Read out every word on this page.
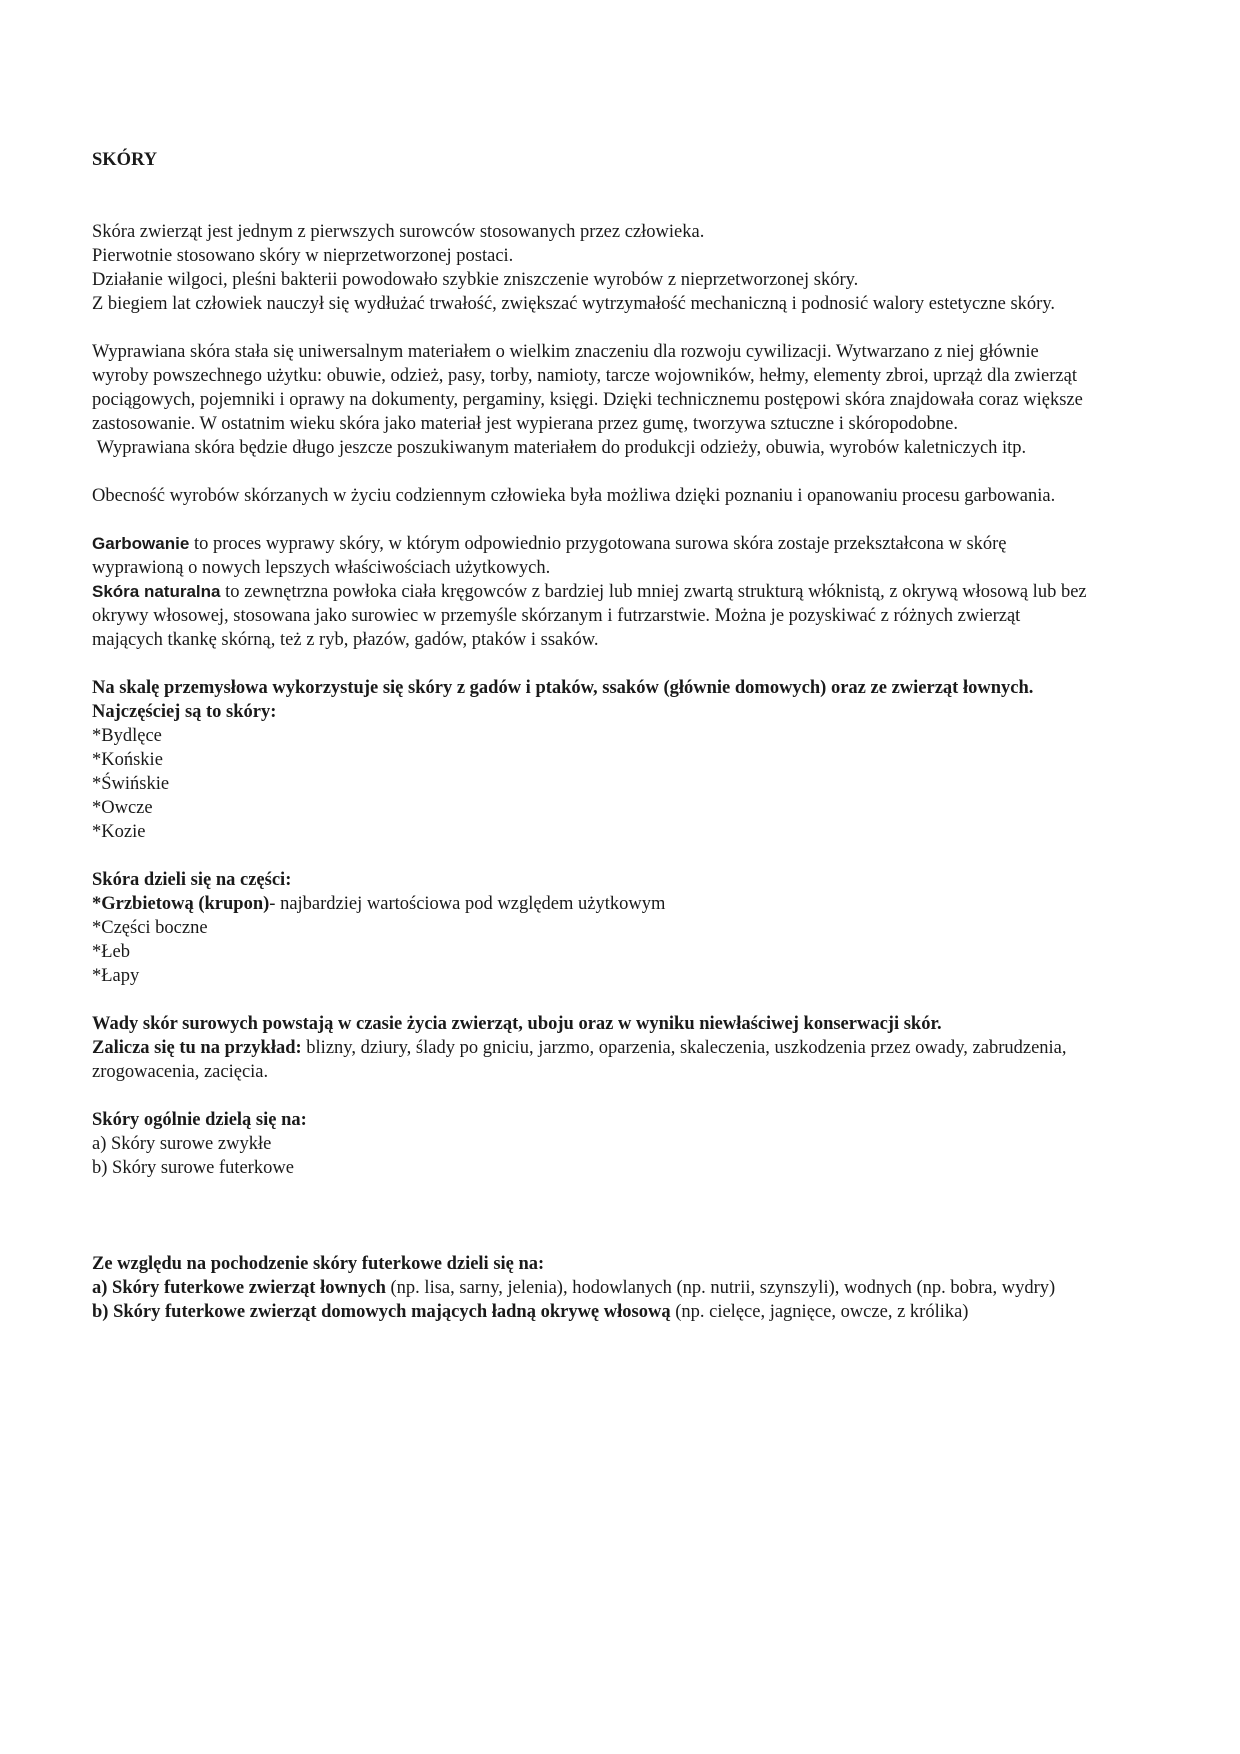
SKÓRY
Skóra zwierząt jest jednym z pierwszych surowców stosowanych przez człowieka.
Pierwotnie stosowano skóry w nieprzetworzonej postaci.
Działanie wilgoci, pleśni bakterii powodowało szybkie zniszczenie wyrobów z nieprzetworzonej skóry.
Z biegiem lat człowiek nauczył się wydłużać trwałość, zwiększać wytrzymałość mechaniczną i podnosić walory estetyczne skóry.

Wyprawiana skóra stała się uniwersalnym materiałem o wielkim znaczeniu dla rozwoju cywilizacji. Wytwarzano z niej głównie wyroby powszechnego użytku: obuwie, odzież, pasy, torby, namioty, tarcze wojowników, hełmy, elementy zbroi, uprząż dla zwierząt pociągowych, pojemniki i oprawy na dokumenty, pergaminy, księgi. Dzięki technicznemu postępowi skóra znajdowała coraz większe zastosowanie. W ostatnim wieku skóra jako materiał jest wypierana przez gumę, tworzywa sztuczne i skóropodobne.

Wyprawiana skóra będzie długo jeszcze poszukiwanym materiałem do produkcji odzieży, obuwia, wyrobów kaletniczych itp.

Obecność wyrobów skórzanych w życiu codziennym człowieka była możliwa dzięki poznaniu i opanowaniu procesu garbowania.

Garbowanie to proces wyprawy skóry, w którym odpowiednio przygotowana surowa skóra zostaje przekształcona w skórę wyprawioną o nowych lepszych właściwościach użytkowych.

Skóra naturalna to zewnętrzna powłoka ciała kręgowców z bardziej lub mniej zwartą strukturą włóknistą, z okrywą włosową lub bez okrywy włosowej, stosowana jako surowiec w przemyśle skórzanym i futrzarstwie. Można je pozyskiwać z różnych zwierząt mających tkankę skórną, też z ryb, płazów, gadów, ptaków i ssaków.

Na skalę przemysłowa wykorzystuje się skóry z gadów i ptaków, ssaków (głównie domowych) oraz ze zwierząt łownych. Najczęściej są to skóry:

*Bydlęce
*Końskie
*Świńskie
*Owcze
*Kozie

Skóra dzieli się na części:

*Grzbietową (krupon)- najbardziej wartościowa pod względem użytkowym

*Części boczne
*Łeb
*Łapy

Wady skór surowych powstają w czasie życia zwierząt, uboju oraz w wyniku niewłaściwej konserwacji skór.

Zalicza się tu na przykład: blizny, dziury, ślady po gniciu, jarzmo, oparzenia, skaleczenia, uszkodzenia przez owady, zabrudzenia, zrogowacenia, zacięcia.

Skóry ogólnie dzielą się na:

a) Skóry surowe zwykłe
b) Skóry surowe futerkowe

Ze względu na pochodzenie skóry futerkowe dzieli się na:

a) Skóry futerkowe zwierząt łownych (np. lisa, sarny, jelenia), hodowlanych (np. nutrii, szynszyli), wodnych (np. bobra, wydry)

b) Skóry futerkowe zwierząt domowych mających ładną okrywę włosową (np. cielęce, jagnięce, owcze, z królika)
